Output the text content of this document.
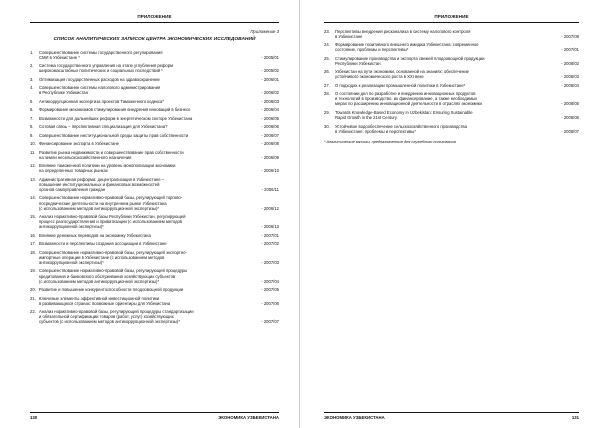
ПРИЛОЖЕНИЕ
Приложение 3
СПИСОК АНАЛИТИЧЕСКИХ ЗАПИСОК ЦЕНТРА ЭКОНОМИЧЕСКИХ ИССЛЕДОВАНИЙ
1.	Совершенствование системы государственного регулирования
СМИ в Узбекистане *	- 2005/01
2.	Система государственного управления на этапе углубления реформ
широкомасштабных политических и социальных последствий *	- 2005/02
3.	Оптимизация государственных расходов на здравоохранение	- 2006/01
4.	Совершенствование системы налогового администрирования
в Республике Узбекистан	- 2006/02
5.	Антикоррупционная экспертиза проектов Таможенного кодекса*	- 2006/03
6.	Формирование механизмов стимулирования внедрения инноваций в бизнесе	- 2006/04
7.	Возможности для дальнейших реформ в энергетическом секторе Узбекистана	- 2006/05
8.	Сотовая связь – перспективная специализация для Узбекистана?	- 2006/06
9.	Совершенствование институциональной среды защиты прав собственности	- 2006/07
10. Финансирование экспорта в Узбекистане	- 2006/08
11. Развитие рынка недвижимости и совершенствование прав собственности
на земли несельскохозяйственного назначения	- 2006/09
12. Влияние таможенной политики на уровень монополизации экономики
на определенных товарных рынках	- 2006/10
13. Административная реформа: децентрализация в Узбекистане –
повышение институциональных и финансовых возможностей
органов самоуправления граждан	- 2006/11
14. Совершенствование нормативно-правовой базы, регулирующей торгово-
посреднические деятельности на внутреннем рынке Узбекистана
(с использованием методов антикоррупционной экспертизы)*	- 2006/12
15. Анализ нормативно-правовой базы Республики Узбекистан, регулирующей
процесс разгосударствления и приватизации (с использованием методов
антикоррупционной экспертизы)*	- 2006/13
16. Влияние денежных переводов на экономику Узбекистана	- 2007/01
17. Возможности и перспективы создания ассоциации в Узбекистане	- 2007/02
18. Совершенствование нормативно-правовой базы, регулирующей экспортно-
импортные операции в Узбекистане (с использованием методов
антикоррупционной экспертизы)*	- 2007/03
19. Совершенствование нормативно-правовой базы, регулирующей процедуры
кредитования и банковского обслуживания хозяйствующих субъектов
(с использованием методов антикоррупционной экспертизы)*	- 2007/04
20. Развитие и повышение конкурентоспособности плодоовощной продукции	- 2007/05
21. Ключевые элементы эффективной инвестиционной политики
в развивающихся странах: возможные ориентиры для Узбекистана	- 2007/06
22. Анализ нормативно-правовой базы, регулирующей процедуры стандартизации
и обязательной сертификации товаров (работ, услуг) хозяйствующих
субъектов (с использованием методов антикоррупционной экспертизы)*	- 2007/07
130	ЭКОНОМИКА УЗБЕКИСТАНА
ПРИЛОЖЕНИЕ
23.	Перспективы внедрения рисканализа в систему налогового контроля
в Узбекистане	- 2007/08
24.	Формирование позитивного внешнего имиджа Узбекистана: современное
состояние, проблемы и перспективы*	- 2007/01
25.	Стимулирование производства и экспорта свежей плодоовощной продукции
Республики Узбекистан	- 2008/02
26.	Узбекистан на пути экономики, основанной на знаниях: обеспечение
устойчивого экономического роста в XXI веке	- 2008/03
27.	О подходах к реализации промышленной политики в Узбекистане*	- 2008/04
28.	О состоянии дел по разработке и внедрению инновационных продуктов
и технологий в производство, их финансирование, а также необходимых
мерах по расширению инновационной деятельности в отраслях экономики	- 2008/05
29.	Towards Knowledge-Based Economy in Uzbekistan: Ensuring Sustainable
Rapid Growth in the 21st Century	- 2008/06
30.	Устойчивое водообеспечение сельскохозяйственного производства
в Узбекистане: проблемы и перспективы*	- 2008/07
* Аналитические записки, предназначенные для служебного пользования
ЭКОНОМИКА УЗБЕКИСТАНА	131
